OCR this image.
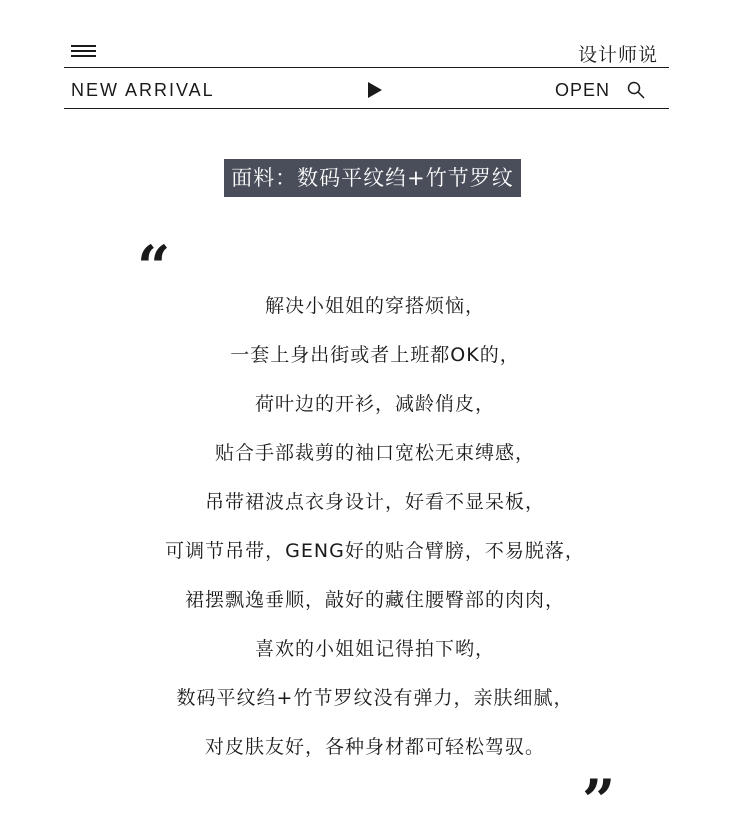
设计师说
NEW ARRIVAL	OPEN
面料：数码平纹绉+竹节罗纹
“
解决小姐姐的穿搭烦恼，
一套上身出街或者上班都OK的，
荷叶边的开衫，减龄俏皮，
贴合手部裁剪的袖口宽松无束缚感，
吊带裙波点衣身设计，好看不显呆板，
可调节吊带，GENG好的贴合臂膀，不易脱落，
裙摆飘逸垂顺，敲好的藏住腰臀部的肉肉，
喜欢的小姐姐记得拍下哟，
数码平纹绉+竹节罗纹没有弹力，亲肤细腻，
对皮肤友好，各种身材都可轻松驾驭。
”
